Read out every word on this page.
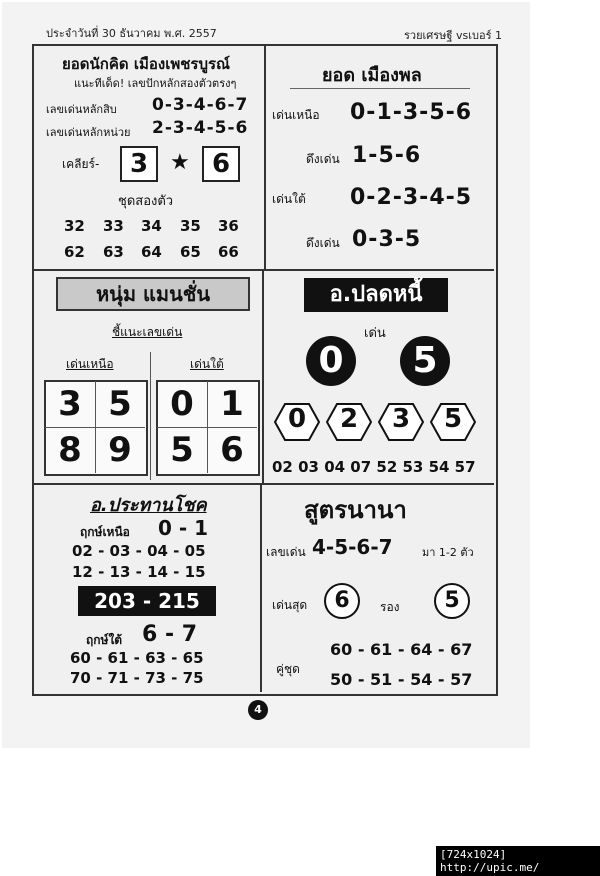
ประจำวันที่ 30 ธันวาคม พ.ศ. 2557	รวยเศรษฐี vsเบอร์ 1
ยอดนักคิด เมืองเพชรบูรณ์
แนะทีเด็ด! เลขปักหลักสองตัวตรงๆ
เลขเด่นหลักสิบ 0-3-4-6-7
เลขเด่นหลักหน่วย 2-3-4-5-6
เคลียร์-	3 ★ 6
ชุดสองตัว
32 33 34 35 36
62 63 64 65 66
ยอด เมืองพล
เด่นเหนือ 0-1-3-5-6
ดึงเด่น 1-5-6
เด่นใต้ 0-2-3-4-5
ดึงเด่น 0-3-5
หนุ่ม แมนชั่น
ชี้แนะเลขเด่น
เด่นเหนือ	เด่นใต้
3 5
8 9
0 1
5 6
อ.ปลดหนี้
เด่น
0	5
0	2	3	5
02 03 04 07 52 53 54 57
อ.ประทานโชค
ฤกษ์เหนือ 0 - 1
02 - 03 - 04 - 05
12 - 13 - 14 - 15
203 - 215
ฤกษ์ใต้ 6 - 7
60 - 61 - 63 - 65
70 - 71 - 73 - 75
สูตรนานา
เลขเด่น 4-5-6-7	มา 1-2 ตัว
เด่นสุด	6	รอง	5
คู่ชุด
60 - 61 - 64 - 67
50 - 51 - 54 - 57
4
[724x1024] http://upic.me/
